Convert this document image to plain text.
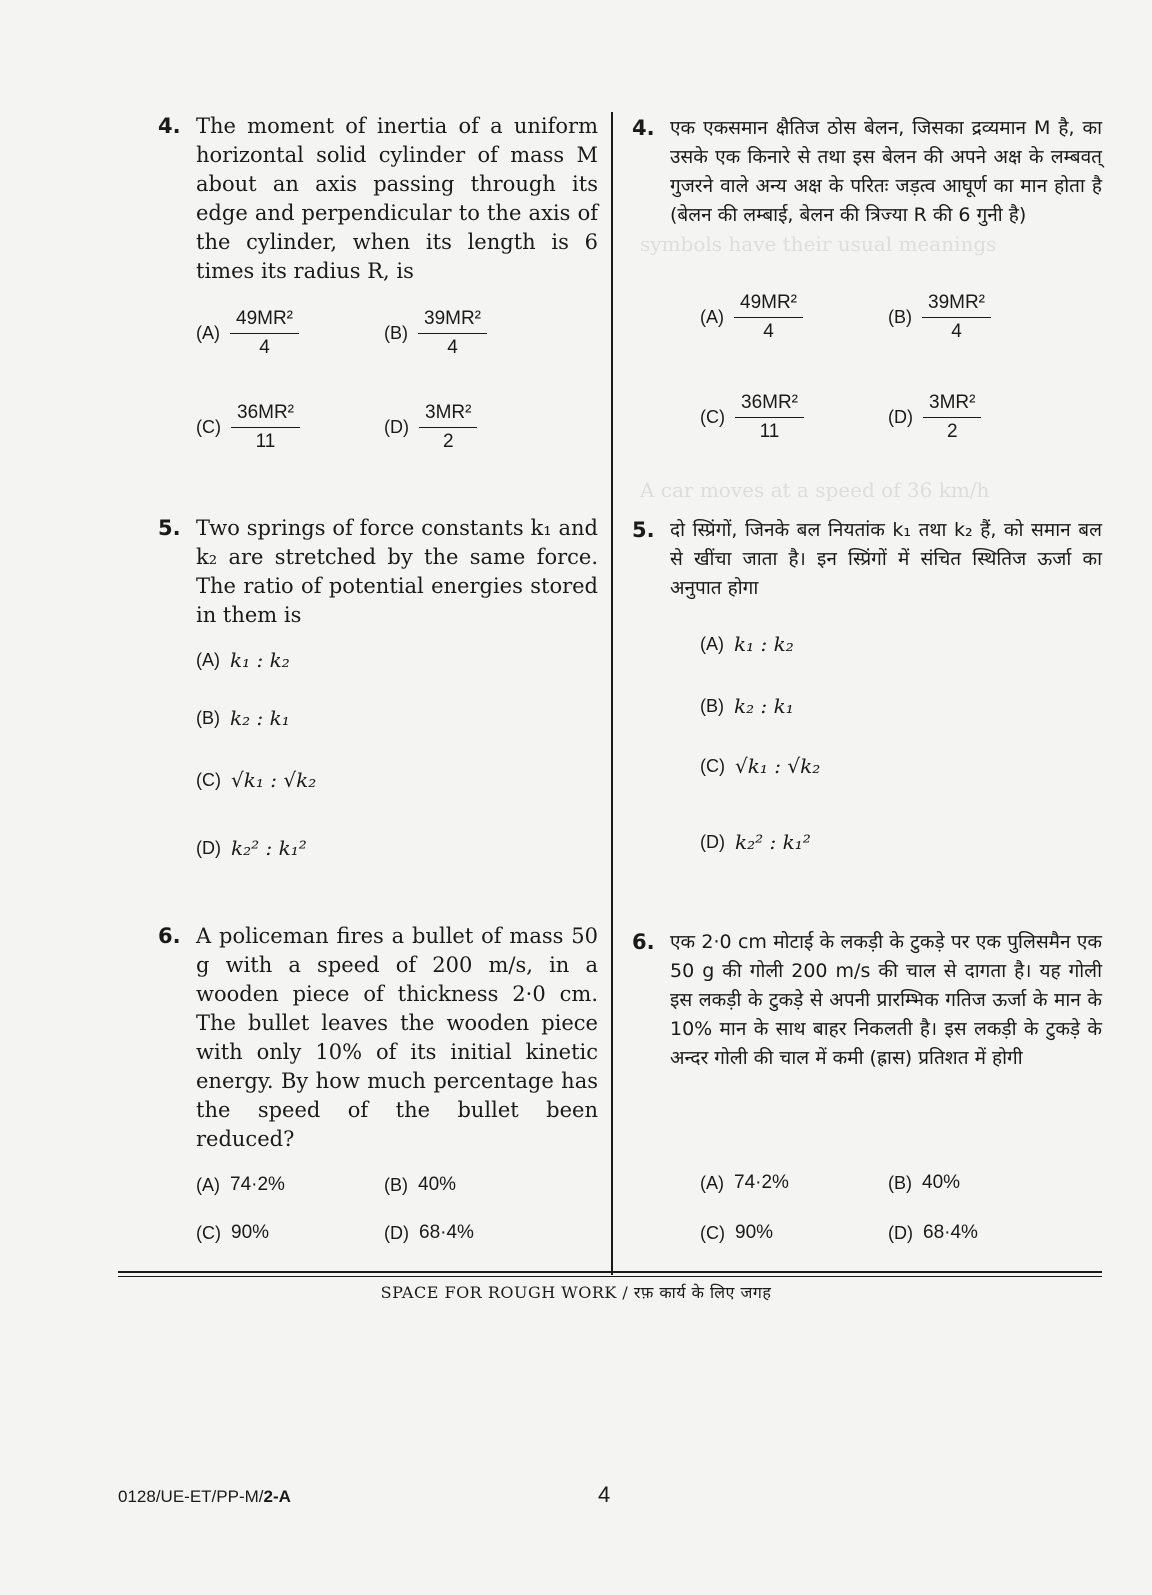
symbols have their usual meanings
A car moves at a speed of 36 km/h
4. The moment of inertia of a uniform horizontal solid cylinder of mass M about an axis passing through its edge and perpendicular to the axis of the cylinder, when its length is 6 times its radius R, is
$(A) \frac{\text{49MR²}}{4}$	$(B) \frac{\text{39MR²}}{4}$
$(C) \frac{\text{36MR²}}{11}$	$(D) \frac{\text{3MR²}}{2}$
5. Two springs of force constants k₁ and k₂ are stretched by the same force. The ratio of potential energies stored in them is
(A) k₁ : k₂
(B) k₂ : k₁
(C) √k₁ : √k₂
(D) k₂² : k₁²
6. A policeman fires a bullet of mass 50 g with a speed of 200 m/s, in a wooden piece of thickness 2·0 cm. The bullet leaves the wooden piece with only 10% of its initial kinetic energy. By how much percentage has the speed of the bullet been reduced?
(A) 74·2%	(B) 40%
(C) 90%	(D) 68·4%
4. एक एकसमान क्षैतिज ठोस बेलन, जिसका द्रव्यमान M है, का उसके एक किनारे से तथा इस बेलन की अपने अक्ष के लम्बवत् गुजरने वाले अन्य अक्ष के परितः जड़त्व आघूर्ण का मान होता है (बेलन की लम्बाई, बेलन की त्रिज्या R की 6 गुनी है)
$(A) \frac{\text{49MR²}}{4}$	$(B) \frac{\text{39MR²}}{4}$
$(C) \frac{\text{36MR²}}{11}$	$(D) \frac{\text{3MR²}}{2}$
5. दो स्प्रिंगों, जिनके बल नियतांक k₁ तथा k₂ हैं, को समान बल से खींचा जाता है। इन स्प्रिंगों में संचित स्थितिज ऊर्जा का अनुपात होगा
(A) k₁ : k₂
(B) k₂ : k₁
(C) √k₁ : √k₂
(D) k₂² : k₁²
6. एक 2·0 cm मोटाई के लकड़ी के टुकड़े पर एक पुलिसमैन एक 50 g की गोली 200 m/s की चाल से दागता है। यह गोली इस लकड़ी के टुकड़े से अपनी प्रारम्भिक गतिज ऊर्जा के मान के 10% मान के साथ बाहर निकलती है। इस लकड़ी के टुकड़े के अन्दर गोली की चाल में कमी (ह्रास) प्रतिशत में होगी
(A) 74·2%	(B) 40%
(C) 90%	(D) 68·4%
SPACE FOR ROUGH WORK / रफ़ कार्य के लिए जगह
0128/UE-ET/PP-M/2-A	4
